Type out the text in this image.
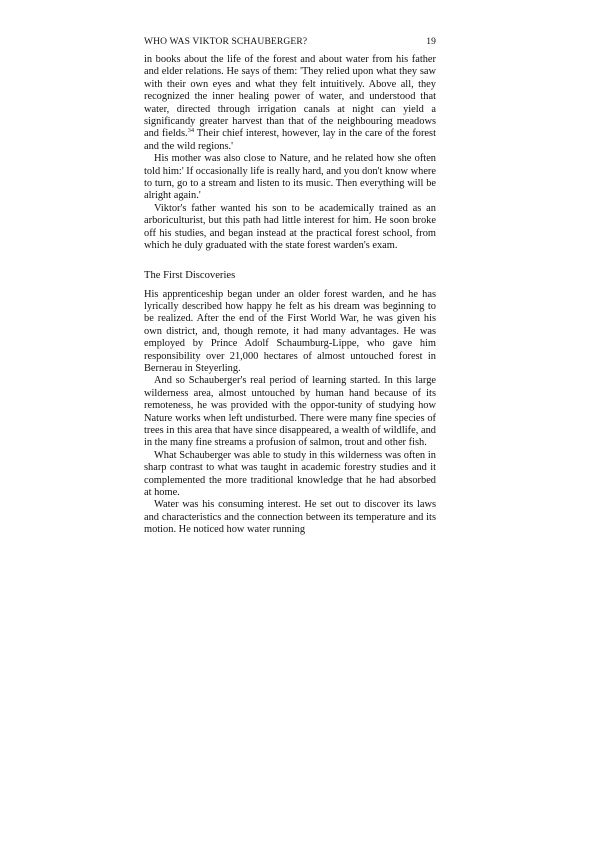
WHO WAS VIKTOR SCHAUBERGER?	19

in books about the life of the forest and about water from his father and elder relations. He says of them: 'They relied upon what they saw with their own eyes and what they felt intuitively. Above all, they recognized the inner healing power of water, and understood that water, directed through irrigation canals at night can yield a significandy greater harvest than that of the neighbouring meadows and fields.$^{34}$ Their chief interest, however, lay in the care of the forest and the wild regions.'

His mother was also close to Nature, and he related how she often told him:' If occasionally life is really hard, and you don't know where to turn, go to a stream and listen to its music. Then everything will be alright again.'

Viktor's father wanted his son to be academically trained as an arboriculturist, but this path had little interest for him. He soon broke off his studies, and began instead at the practical forest school, from which he duly graduated with the state forest warden's exam.

The First Discoveries

His apprenticeship began under an older forest warden, and he has lyrically described how happy he felt as his dream was beginning to be realized. After the end of the First World War, he was given his own district, and, though remote, it had many advantages. He was employed by Prince Adolf Schaumburg-Lippe, who gave him responsibility over 21,000 hectares of almost untouched forest in Bernerau in Steyerling.

And so Schauberger's real period of learning started. In this large wilderness area, almost untouched by human hand because of its remoteness, he was provided with the oppor-tunity of studying how Nature works when left undisturbed. There were many fine species of trees in this area that have since disappeared, a wealth of wildlife, and in the many fine streams a profusion of salmon, trout and other fish.

What Schauberger was able to study in this wilderness was often in sharp contrast to what was taught in academic forestry studies and it complemented the more traditional knowledge that he had absorbed at home.

Water was his consuming interest. He set out to discover its laws and characteristics and the connection between its temperature and its motion. He noticed how water running
